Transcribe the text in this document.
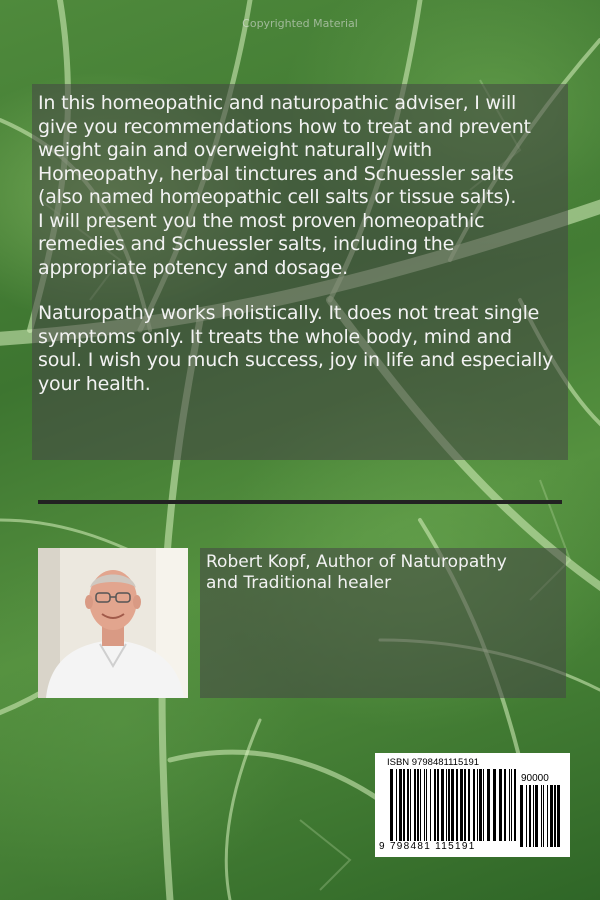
Copyrighted Material

In this homeopathic and naturopathic adviser, I will give you recommendations how to treat and prevent weight gain and overweight naturally with Homeopathy, herbal tinctures and Schuessler salts (also named homeopathic cell salts or tissue salts).
I will present you the most proven homeopathic remedies and Schuessler salts, including the appropriate potency and dosage.

Naturopathy works holistically. It does not treat single symptoms only. It treats the whole body, mind and soul. I wish you much success, joy in life and especially your health.

Robert Kopf, Author of Naturopathy
and Traditional healer
ISBN 9798481115191
90000
9 798481 115191
